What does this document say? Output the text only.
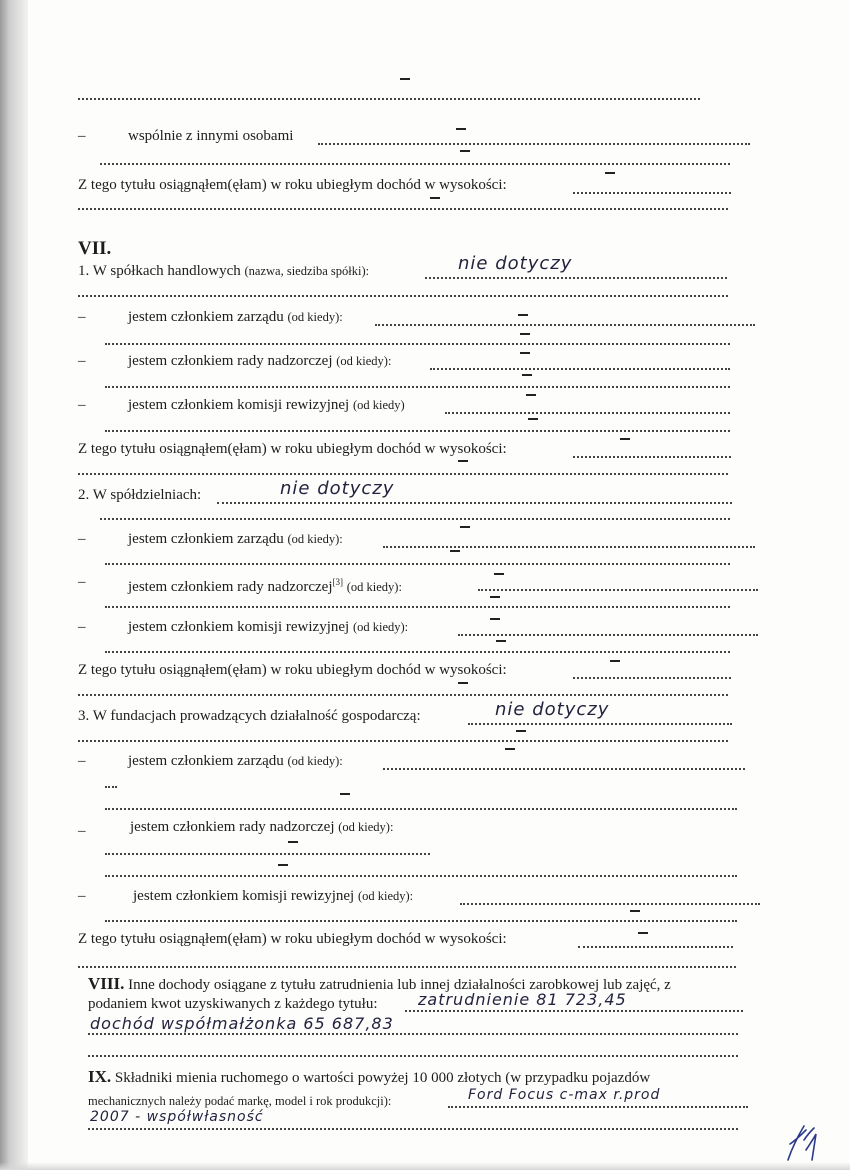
–	wspólnie z innymi osobami
Z tego tytułu osiągnąłem(ęłam) w roku ubiegłym dochód w wysokości:
VII.
1. W spółkach handlowych (nazwa, siedziba spółki):	nie dotyczy
–	jestem członkiem zarządu (od kiedy):
–	jestem członkiem rady nadzorczej (od kiedy):
–	jestem członkiem komisji rewizyjnej (od kiedy)
Z tego tytułu osiągnąłem(ęłam) w roku ubiegłym dochód w wysokości:
2. W spółdzielniach:	nie dotyczy
–	jestem członkiem zarządu (od kiedy):
–	jestem członkiem rady nadzorczej[3] (od kiedy):
–	jestem członkiem komisji rewizyjnej (od kiedy):
Z tego tytułu osiągnąłem(ęłam) w roku ubiegłym dochód w wysokości:
3. W fundacjach prowadzących działalność gospodarczą:	nie dotyczy
–	jestem członkiem zarządu (od kiedy):
–	jestem członkiem rady nadzorczej (od kiedy):
–	jestem członkiem komisji rewizyjnej (od kiedy):
Z tego tytułu osiągnąłem(ęłam) w roku ubiegłym dochód w wysokości:
VIII. Inne dochody osiągane z tytułu zatrudnienia lub innej działalności zarobkowej lub zajęć, z
podaniem kwot uzyskiwanych z każdego tytułu:	zatrudnienie 81 723,45
dochód współmałżonka 65 687,83
IX. Składniki mienia ruchomego o wartości powyżej 10 000 złotych (w przypadku pojazdów
mechanicznych należy podać markę, model i rok produkcji):	Ford Focus c-max r.prod
2007 - współwłasność
